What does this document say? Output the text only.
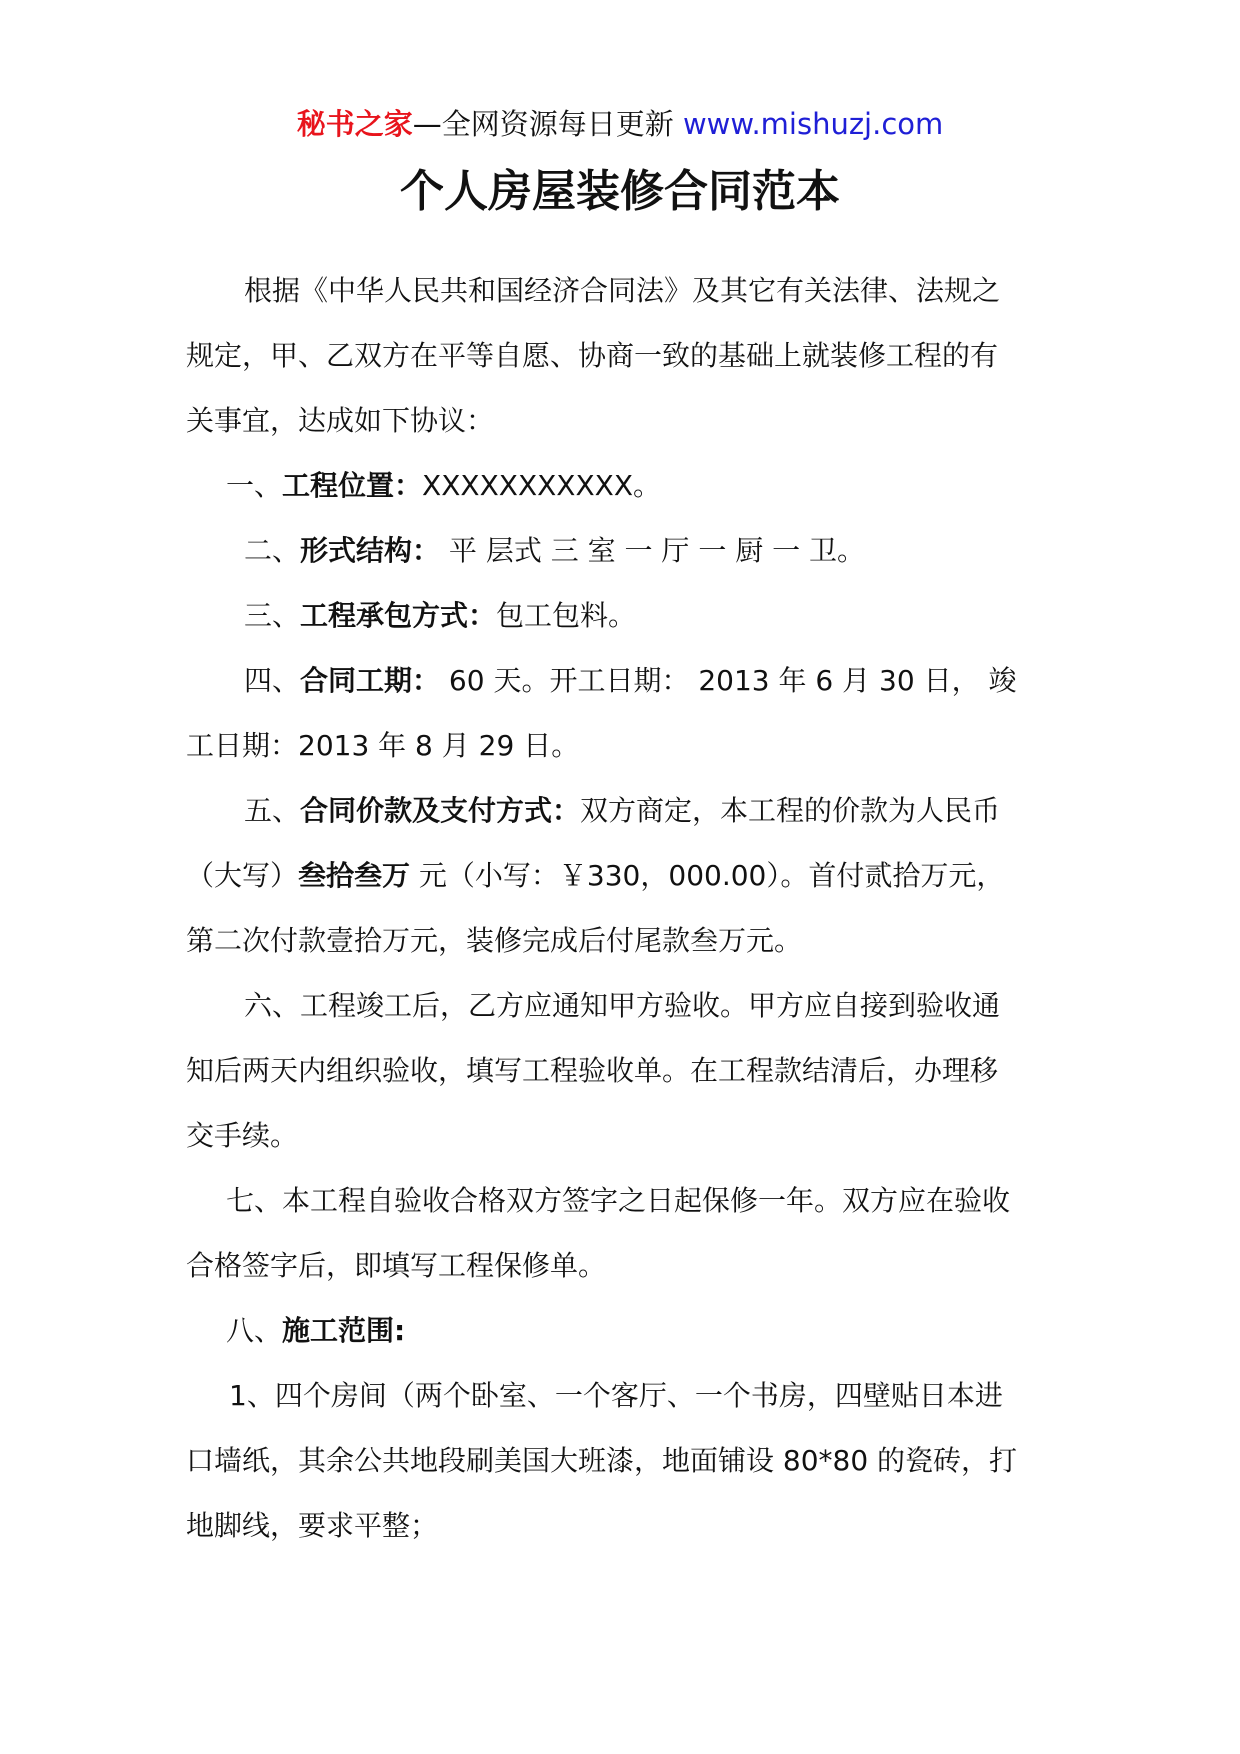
秘书之家—全网资源每日更新 www.mishuzj.com
个人房屋装修合同范本

根据《中华人民共和国经济合同法》及其它有关法律、法规之

规定，甲、乙双方在平等自愿、协商一致的基础上就装修工程的有

关事宜，达成如下协议：

一、工程位置：XXXXXXXXXXX。

二、形式结构： 平 层式 三 室 一 厅 一 厨 一 卫。

三、工程承包方式：包工包料。

四、合同工期： 60 天。开工日期： 2013 年 6 月 30 日， 竣

工日期：2013 年 8 月 29 日。

五、合同价款及支付方式：双方商定，本工程的价款为人民币

（大写）叁拾叁万 元（小写：￥330，000.00）。首付贰拾万元，

第二次付款壹拾万元，装修完成后付尾款叁万元。

六、工程竣工后，乙方应通知甲方验收。甲方应自接到验收通

知后两天内组织验收，填写工程验收单。在工程款结清后，办理移

交手续。

七、本工程自验收合格双方签字之日起保修一年。双方应在验收

合格签字后，即填写工程保修单。

八、施工范围:

1、四个房间（两个卧室、一个客厅、一个书房，四壁贴日本进

口墙纸，其余公共地段刷美国大班漆，地面铺设 80*80 的瓷砖，打

地脚线，要求平整；
